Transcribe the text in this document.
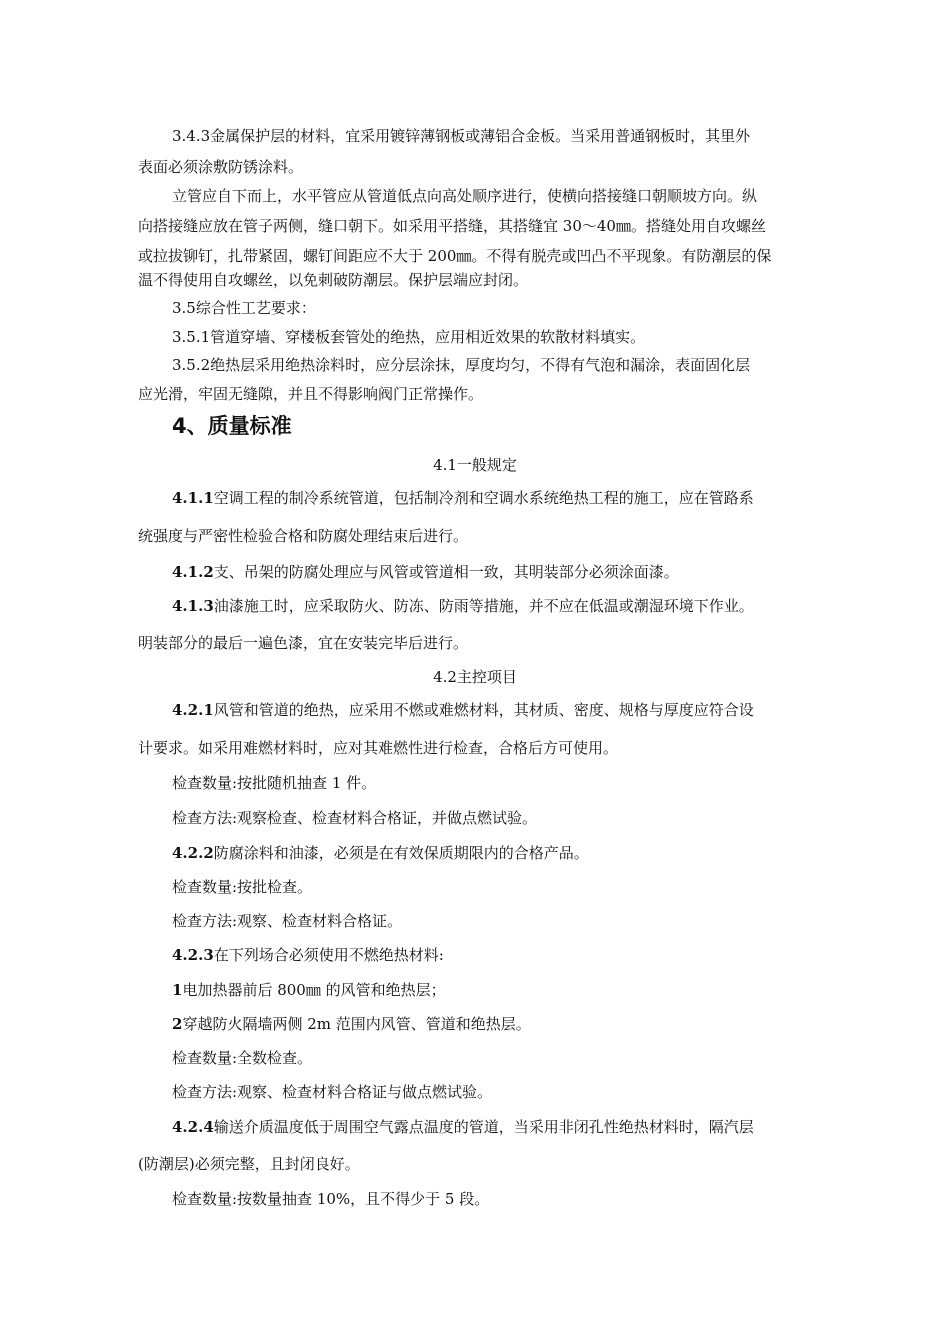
3.4.3金属保护层的材料，宜采用镀锌薄钢板或薄铝合金板。当采用普通钢板时，其里外
表面必须涂敷防锈涂料。
立管应自下而上，水平管应从管道低点向高处顺序进行，使横向搭接缝口朝顺坡方向。纵
向搭接缝应放在管子两侧，缝口朝下。如采用平搭缝，其搭缝宜 30～40㎜。搭缝处用自攻螺丝
或拉拔铆钉，扎带紧固，螺钉间距应不大于 200㎜。不得有脱壳或凹凸不平现象。有防潮层的保
温不得使用自攻螺丝，以免刺破防潮层。保护层端应封闭。
3.5综合性工艺要求：
3.5.1管道穿墙、穿楼板套管处的绝热，应用相近效果的软散材料填实。
3.5.2绝热层采用绝热涂料时，应分层涂抹，厚度均匀，不得有气泡和漏涂，表面固化层
应光滑，牢固无缝隙，并且不得影响阀门正常操作。
4、质量标准
4.1一般规定
4.1.1空调工程的制冷系统管道，包括制冷剂和空调水系统绝热工程的施工，应在管路系
统强度与严密性检验合格和防腐处理结束后进行。
4.1.2支、吊架的防腐处理应与风管或管道相一致，其明装部分必须涂面漆。
4.1.3油漆施工时，应采取防火、防冻、防雨等措施，并不应在低温或潮湿环境下作业。
明装部分的最后一遍色漆，宜在安装完毕后进行。
4.2主控项目
4.2.1风管和管道的绝热，应采用不燃或难燃材料，其材质、密度、规格与厚度应符合设
计要求。如采用难燃材料时，应对其难燃性进行检查，合格后方可使用。
检查数量:按批随机抽查 1 件。
检查方法:观察检查、检查材料合格证，并做点燃试验。
4.2.2防腐涂料和油漆，必须是在有效保质期限内的合格产品。
检查数量:按批检查。
检查方法:观察、检查材料合格证。
4.2.3在下列场合必须使用不燃绝热材料:
1电加热器前后 800㎜ 的风管和绝热层；
2穿越防火隔墙两侧 2m 范围内风管、管道和绝热层。
检查数量:全数检查。
检查方法:观察、检查材料合格证与做点燃试验。
4.2.4输送介质温度低于周围空气露点温度的管道，当采用非闭孔性绝热材料时，隔汽层
(防潮层)必须完整，且封闭良好。
检查数量:按数量抽查 10%，且不得少于 5 段。
